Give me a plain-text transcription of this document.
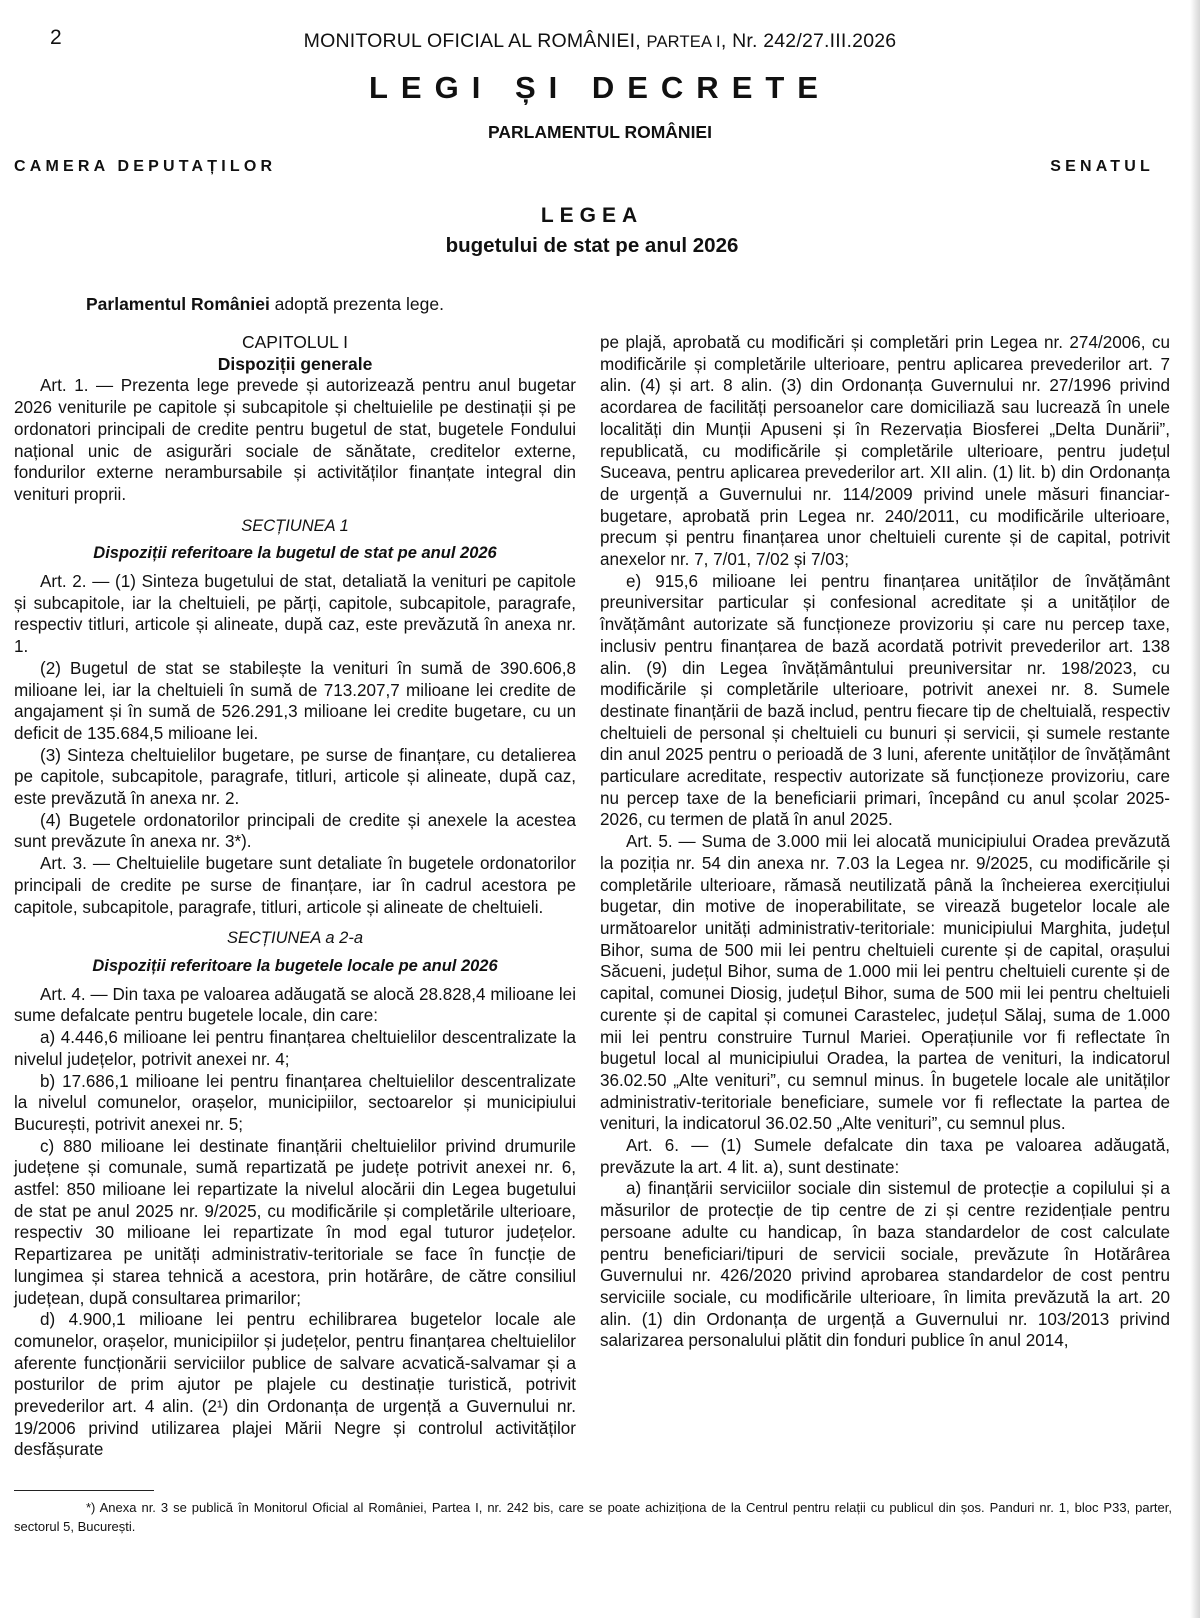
2	MONITORUL OFICIAL AL ROMÂNIEI, PARTEA I, Nr. 242/27.III.2026
LEGI ȘI DECRETE
PARLAMENTUL ROMÂNIEI
CAMERA DEPUTAȚILOR	SENATUL
LEGEA
bugetului de stat pe anul 2026
Parlamentul României adoptă prezenta lege.

CAPITOLUL I

Dispoziții generale

Art. 1. — Prezenta lege prevede și autorizează pentru anul bugetar 2026 veniturile pe capitole și subcapitole și cheltuielile pe destinații și pe ordonatori principali de credite pentru bugetul de stat, bugetele Fondului național unic de asigurări sociale de sănătate, creditelor externe, fondurilor externe nerambursabile și activităților finanțate integral din venituri proprii.

SECȚIUNEA 1

Dispoziții referitoare la bugetul de stat pe anul 2026

Art. 2. — (1) Sinteza bugetului de stat, detaliată la venituri pe capitole și subcapitole, iar la cheltuieli, pe părți, capitole, subcapitole, paragrafe, respectiv titluri, articole și alineate, după caz, este prevăzută în anexa nr. 1.

(2) Bugetul de stat se stabilește la venituri în sumă de 390.606,8 milioane lei, iar la cheltuieli în sumă de 713.207,7 milioane lei credite de angajament și în sumă de 526.291,3 milioane lei credite bugetare, cu un deficit de 135.684,5 milioane lei.

(3) Sinteza cheltuielilor bugetare, pe surse de finanțare, cu detalierea pe capitole, subcapitole, paragrafe, titluri, articole și alineate, după caz, este prevăzută în anexa nr. 2.

(4) Bugetele ordonatorilor principali de credite și anexele la acestea sunt prevăzute în anexa nr. 3*).

Art. 3. — Cheltuielile bugetare sunt detaliate în bugetele ordonatorilor principali de credite pe surse de finanțare, iar în cadrul acestora pe capitole, subcapitole, paragrafe, titluri, articole și alineate de cheltuieli.

SECȚIUNEA a 2-a

Dispoziții referitoare la bugetele locale pe anul 2026

Art. 4. — Din taxa pe valoarea adăugată se alocă 28.828,4 milioane lei sume defalcate pentru bugetele locale, din care:

a) 4.446,6 milioane lei pentru finanțarea cheltuielilor descentralizate la nivelul județelor, potrivit anexei nr. 4;

b) 17.686,1 milioane lei pentru finanțarea cheltuielilor descentralizate la nivelul comunelor, orașelor, municipiilor, sectoarelor și municipiului București, potrivit anexei nr. 5;

c) 880 milioane lei destinate finanțării cheltuielilor privind drumurile județene și comunale, sumă repartizată pe județe potrivit anexei nr. 6, astfel: 850 milioane lei repartizate la nivelul alocării din Legea bugetului de stat pe anul 2025 nr. 9/2025, cu modificările și completările ulterioare, respectiv 30 milioane lei repartizate în mod egal tuturor județelor. Repartizarea pe unități administrativ-teritoriale se face în funcție de lungimea și starea tehnică a acestora, prin hotărâre, de către consiliul județean, după consultarea primarilor;

d) 4.900,1 milioane lei pentru echilibrarea bugetelor locale ale comunelor, orașelor, municipiilor și județelor, pentru finanțarea cheltuielilor aferente funcționării serviciilor publice de salvare acvatică-salvamar și a posturilor de prim ajutor pe plajele cu destinație turistică, potrivit prevederilor art. 4 alin. (2¹) din Ordonanța de urgență a Guvernului nr. 19/2006 privind utilizarea plajei Mării Negre și controlul activităților desfășurate

pe plajă, aprobată cu modificări și completări prin Legea nr. 274/2006, cu modificările și completările ulterioare, pentru aplicarea prevederilor art. 7 alin. (4) și art. 8 alin. (3) din Ordonanța Guvernului nr. 27/1996 privind acordarea de facilități persoanelor care domiciliază sau lucrează în unele localități din Munții Apuseni și în Rezervația Biosferei „Delta Dunării”, republicată, cu modificările și completările ulterioare, pentru județul Suceava, pentru aplicarea prevederilor art. XII alin. (1) lit. b) din Ordonanța de urgență a Guvernului nr. 114/2009 privind unele măsuri financiar-bugetare, aprobată prin Legea nr. 240/2011, cu modificările ulterioare, precum și pentru finanțarea unor cheltuieli curente și de capital, potrivit anexelor nr. 7, 7/01, 7/02 și 7/03;

e) 915,6 milioane lei pentru finanțarea unităților de învățământ preuniversitar particular și confesional acreditate și a unităților de învățământ autorizate să funcționeze provizoriu și care nu percep taxe, inclusiv pentru finanțarea de bază acordată potrivit prevederilor art. 138 alin. (9) din Legea învățământului preuniversitar nr. 198/2023, cu modificările și completările ulterioare, potrivit anexei nr. 8. Sumele destinate finanțării de bază includ, pentru fiecare tip de cheltuială, respectiv cheltuieli de personal și cheltuieli cu bunuri și servicii, și sumele restante din anul 2025 pentru o perioadă de 3 luni, aferente unităților de învățământ particulare acreditate, respectiv autorizate să funcționeze provizoriu, care nu percep taxe de la beneficiarii primari, începând cu anul școlar 2025-2026, cu termen de plată în anul 2025.

Art. 5. — Suma de 3.000 mii lei alocată municipiului Oradea prevăzută la poziția nr. 54 din anexa nr. 7.03 la Legea nr. 9/2025, cu modificările și completările ulterioare, rămasă neutilizată până la încheierea exercițiului bugetar, din motive de inoperabilitate, se virează bugetelor locale ale următoarelor unități administrativ-teritoriale: municipiului Marghita, județul Bihor, suma de 500 mii lei pentru cheltuieli curente și de capital, orașului Săcueni, județul Bihor, suma de 1.000 mii lei pentru cheltuieli curente și de capital, comunei Diosig, județul Bihor, suma de 500 mii lei pentru cheltuieli curente și de capital și comunei Carastelec, județul Sălaj, suma de 1.000 mii lei pentru construire Turnul Mariei. Operațiunile vor fi reflectate în bugetul local al municipiului Oradea, la partea de venituri, la indicatorul 36.02.50 „Alte venituri”, cu semnul minus. În bugetele locale ale unităților administrativ-teritoriale beneficiare, sumele vor fi reflectate la partea de venituri, la indicatorul 36.02.50 „Alte venituri”, cu semnul plus.

Art. 6. — (1) Sumele defalcate din taxa pe valoarea adăugată, prevăzute la art. 4 lit. a), sunt destinate:

a) finanțării serviciilor sociale din sistemul de protecție a copilului și a măsurilor de protecție de tip centre de zi și centre rezidențiale pentru persoane adulte cu handicap, în baza standardelor de cost calculate pentru beneficiari/tipuri de servicii sociale, prevăzute în Hotărârea Guvernului nr. 426/2020 privind aprobarea standardelor de cost pentru serviciile sociale, cu modificările ulterioare, în limita prevăzută la art. 20 alin. (1) din Ordonanța de urgență a Guvernului nr. 103/2013 privind salarizarea personalului plătit din fonduri publice în anul 2014,

*) Anexa nr. 3 se publică în Monitorul Oficial al României, Partea I, nr. 242 bis, care se poate achiziționa de la Centrul pentru relații cu publicul din șos. Panduri nr. 1, bloc P33, parter, sectorul 5, București.
